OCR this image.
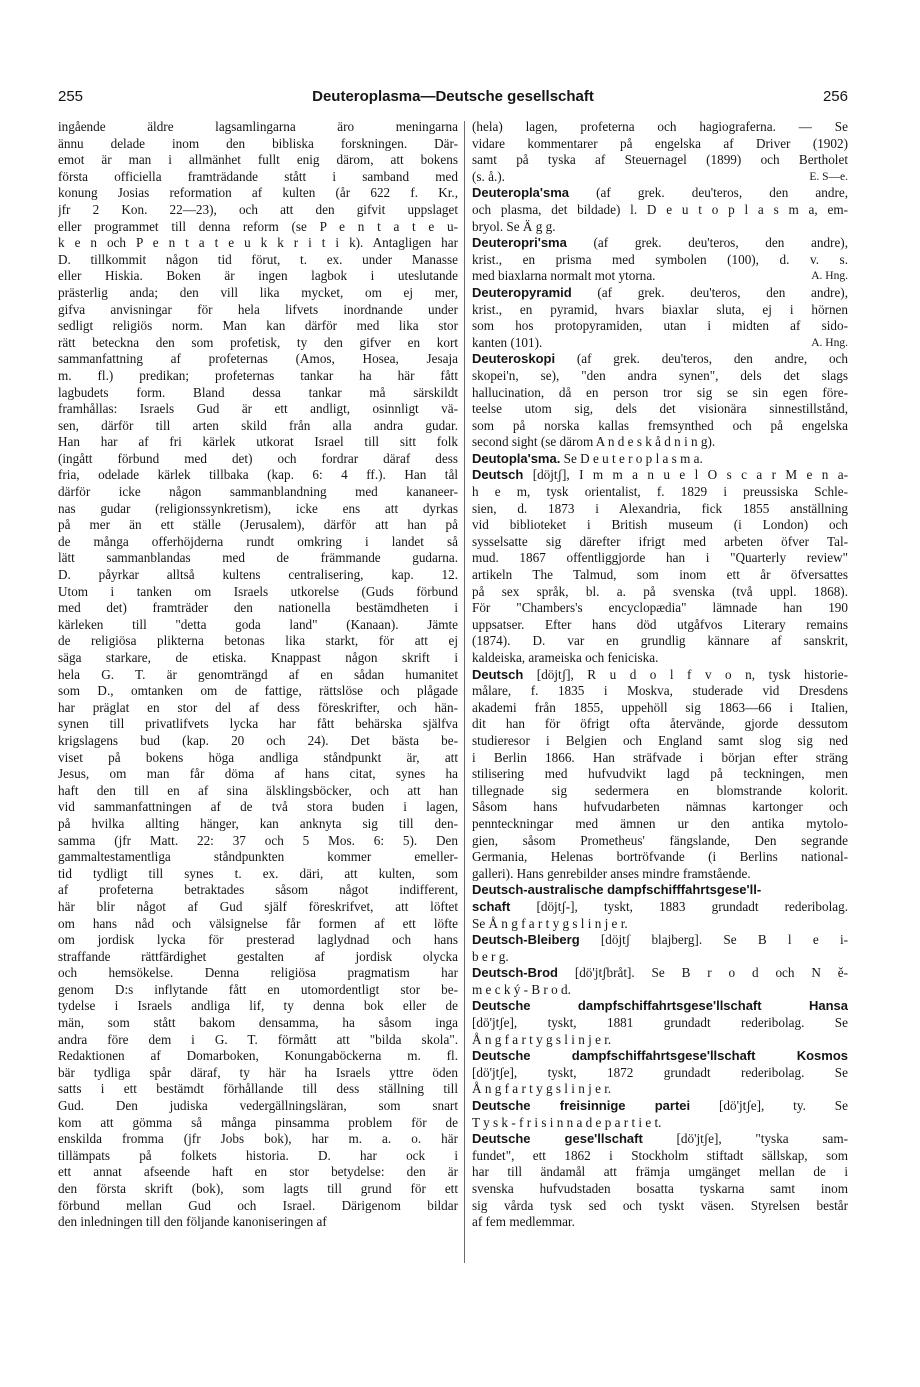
255	Deuteroplasma—Deutsche gesellschaft	256
ingående äldre lagsamlingarna äro meningarna
ännu delade inom den bibliska forskningen. Där-
emot är man i allmänhet fullt enig därom, att bokens
första officiella framträdande stått i samband med
konung Josias reformation af kulten (år 622 f. Kr.,
jfr 2 Kon. 22—23), och att den gifvit uppslaget
eller programmet till denna reform (se P e n t a t e u-
k e n och P e n t a t e u k k r i t i k). Antagligen har
D. tillkommit någon tid förut, t. ex. under Manasse
eller Hiskia. Boken är ingen lagbok i uteslutande
prästerlig anda; den vill lika mycket, om ej mer,
gifva anvisningar för hela lifvets inordnande under
sedligt religiös norm. Man kan därför med lika stor
rätt beteckna den som profetisk, ty den gifver en kort
sammanfattning af profeternas (Amos, Hosea, Jesaja
m. fl.) predikan; profeternas tankar ha här fått
lagbudets form. Bland dessa tankar må särskildt
framhållas: Israels Gud är ett andligt, osinnligt vä-
sen, därför till arten skild från alla andra gudar.
Han har af fri kärlek utkorat Israel till sitt folk
(ingått förbund med det) och fordrar däraf dess
fria, odelade kärlek tillbaka (kap. 6: 4 ff.). Han tål
därför icke någon sammanblandning med kananeer-
nas gudar (religionssynkretism), icke ens att dyrkas
på mer än ett ställe (Jerusalem), därför att han på
de många offerhöjderna rundt omkring i landet så
lätt sammanblandas med de främmande gudarna.
D. påyrkar alltså kultens centralisering, kap. 12.
Utom i tanken om Israels utkorelse (Guds förbund
med det) framträder den nationella bestämdheten i
kärleken till "detta goda land" (Kanaan). Jämte
de religiösa plikterna betonas lika starkt, för att ej
säga starkare, de etiska. Knappast någon skrift i
hela G. T. är genomträngd af en sådan humanitet
som D., omtanken om de fattige, rättslöse och plågade
har präglat en stor del af dess föreskrifter, och hän-
synen till privatlifvets lycka har fått behärska själfva
krigslagens bud (kap. 20 och 24). Det bästa be-
viset på bokens höga andliga ståndpunkt är, att
Jesus, om man får döma af hans citat, synes ha
haft den till en af sina älsklingsböcker, och att han
vid sammanfattningen af de två stora buden i lagen,
på hvilka allting hänger, kan anknyta sig till den-
samma (jfr Matt. 22: 37 och 5 Mos. 6: 5). Den
gammaltestamentliga ståndpunkten kommer emeller-
tid tydligt till synes t. ex. däri, att kulten, som
af profeterna betraktades såsom något indifferent,
här blir något af Gud själf föreskrifvet, att löftet
om hans nåd och välsignelse får formen af ett löfte
om jordisk lycka för presterad laglydnad och hans
straffande rättfärdighet gestalten af jordisk olycka
och hemsökelse. Denna religiösa pragmatism har
genom D:s inflytande fått en utomordentligt stor be-
tydelse i Israels andliga lif, ty denna bok eller de
män, som stått bakom densamma, ha såsom inga
andra före dem i G. T. förmått att "bilda skola".
Redaktionen af Domarboken, Konungaböckerna m. fl.
bär tydliga spår däraf, ty här ha Israels yttre öden
satts i ett bestämdt förhållande till dess ställning till
Gud. Den judiska vedergällningsläran, som snart
kom att gömma så många pinsamma problem för de
enskilda fromma (jfr Jobs bok), har m. a. o. här
tillämpats på folkets historia. D. har ock i
ett annat afseende haft en stor betydelse: den är
den första skrift (bok), som lagts till grund för ett
förbund mellan Gud och Israel. Därigenom bildar
den inledningen till den följande kanoniseringen af
(hela) lagen, profeterna och hagiograferna. — Se
vidare kommentarer på engelska af Driver (1902)
samt på tyska af Steuernagel (1899) och Bertholet
E. S—e.
(s. å.).
Deuteropla'sma (af grek. deu'teros, den andre,
och plasma, det bildade) l. D e u t o p l a s m a, em-
bryol. Se Ä g g.
Deuteropri'sma (af grek. deu'teros, den andre),
krist., en prisma med symbolen (100), d. v. s.
A. Hng.
med biaxlarna normalt mot ytorna.
Deuteropyramid (af grek. deu'teros, den andre),
krist., en pyramid, hvars biaxlar sluta, ej i hörnen
som hos protopyramiden, utan i midten af sido-
A. Hng.
kanten (101).
Deuteroskopi (af grek. deu'teros, den andre, och
skopei'n, se), "den andra synen", dels det slags
hallucination, då en person tror sig se sin egen före-
teelse utom sig, dels det visionära sinnestillstånd,
som på norska kallas fremsynthed och på engelska
second sight (se därom A n d e s k å d n i n g).
Deutopla'sma. Se D e u t e r o p l a s m a.
Deutsch [döjtʃ], I m m a n u e l O s c a r M e n a-
h e m, tysk orientalist, f. 1829 i preussiska Schle-
sien, d. 1873 i Alexandria, fick 1855 anställning
vid biblioteket i British museum (i London) och
sysselsatte sig därefter ifrigt med arbeten öfver Tal-
mud. 1867 offentliggjorde han i "Quarterly review"
artikeln The Talmud, som inom ett år öfversattes
på sex språk, bl. a. på svenska (två uppl. 1868).
För "Chambers's encyclopædia" lämnade han 190
uppsatser. Efter hans död utgåfvos Literary remains
(1874). D. var en grundlig kännare af sanskrit,
kaldeiska, aramеiska och feniciska.
Deutsch [döjtʃ], R u d o l f v o n, tysk historie-
målare, f. 1835 i Moskva, studerade vid Dresdens
akademi från 1855, uppehöll sig 1863—66 i Italien,
dit han för öfrigt ofta återvände, gjorde dessutom
studieresor i Belgien och England samt slog sig ned
i Berlin 1866. Han sträfvade i början efter sträng
stilisering med hufvudvikt lagd på teckningen, men
tillegnade sig sedermera en blomstrande kolorit.
Såsom hans hufvudarbeten nämnas kartonger och
pennteckningar med ämnen ur den antika mytolo-
gien, såsom Prometheus' fängslande, Den segrande
Germania, Helenas bortröfvande (i Berlins national-
galleri). Hans genrebilder anses mindre framstående.
Deutsch-australische dampfschifffahrtsgese'll-
schaft [döjtʃ-], tyskt, 1883 grundadt rederibolag.
Se Å n g f a r t y g s l i n j e r.
Deutsch-Bleiberg [döjtʃ blajberg]. Se B l e i-
b e r g.
Deutsch-Brod [dö'jtʃbråt]. Se B r o d och N ě-
m e c k ý - B r o d.
Deutsche dampfschiffahrtsgese'llschaft Hansa
[dö'jtʃe], tyskt, 1881 grundadt rederibolag. Se
Å n g f a r t y g s l i n j e r.
Deutsche dampfschiffahrtsgese'llschaft Kosmos
[dö'jtʃe], tyskt, 1872 grundadt rederibolag. Se
Å n g f a r t y g s l i n j e r.
Deutsche freisinnige partei [dö'jtʃe], ty. Se
T y s k - f r i s i n n a d e p a r t i e t.
Deutsche gese'llschaft [dö'jtʃe], "tyska sam-
fundet", ett 1862 i Stockholm stiftadt sällskap, som
har till ändamål att främja umgänget mellan de i
svenska hufvudstaden bosatta tyskarna samt inom
sig vårda tysk sed och tyskt väsen. Styrelsen består
af fem medlemmar.
